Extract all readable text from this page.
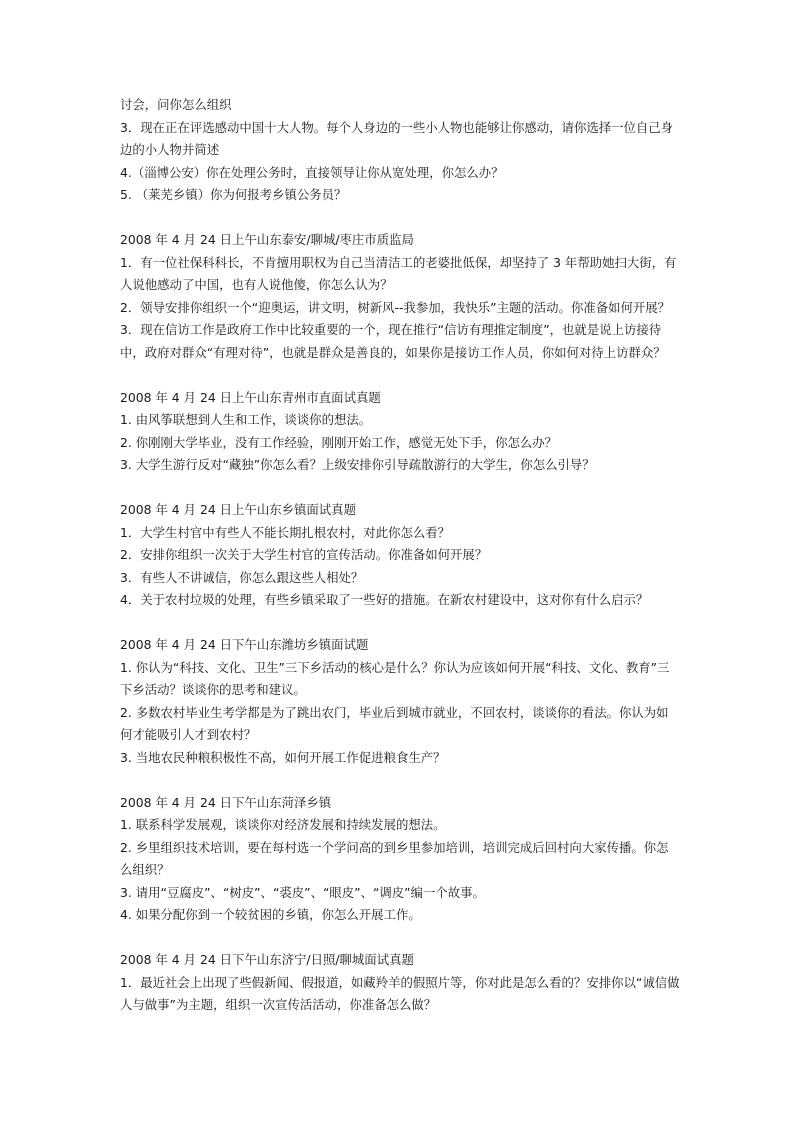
讨会，问你怎么组织

3．现在正在评选感动中国十大人物。每个人身边的一些小人物也能够让你感动，请你选择一位自己身边的小人物并简述

4.（淄博公安）你在处理公务时，直接领导让你从宽处理，你怎么办？

5. （莱芜乡镇）你为何报考乡镇公务员？

2008 年 4 月 24 日上午山东泰安/聊城/枣庄市质监局

1．有一位社保科科长，不肯擅用职权为自己当清洁工的老婆批低保，却坚持了 3 年帮助她扫大街，有人说他感动了中国，也有人说他傻，你怎么认为？

2．领导安排你组织一个“迎奥运，讲文明，树新风--我参加，我快乐”主题的活动。你准备如何开展？

3．现在信访工作是政府工作中比较重要的一个，现在推行“信访有理推定制度”，也就是说上访接待中，政府对群众“有理对待”，也就是群众是善良的，如果你是接访工作人员，你如何对待上访群众？

2008 年 4 月 24 日上午山东青州市直面试真题

1. 由风筝联想到人生和工作，谈谈你的想法。

2. 你刚刚大学毕业，没有工作经验，刚刚开始工作，感觉无处下手，你怎么办？

3. 大学生游行反对“藏独”你怎么看？上级安排你引导疏散游行的大学生，你怎么引导？

2008 年 4 月 24 日上午山东乡镇面试真题

1．大学生村官中有些人不能长期扎根农村，对此你怎么看？

2．安排你组织一次关于大学生村官的宣传活动。你准备如何开展？

3．有些人不讲诚信，你怎么跟这些人相处？

4．关于农村垃圾的处理，有些乡镇采取了一些好的措施。在新农村建设中，这对你有什么启示？

2008 年 4 月 24 日下午山东潍坊乡镇面试题

1. 你认为“科技、文化、卫生”三下乡活动的核心是什么？你认为应该如何开展“科技、文化、教育”三下乡活动？谈谈你的思考和建议。

2. 多数农村毕业生考学都是为了跳出农门，毕业后到城市就业，不回农村，谈谈你的看法。你认为如何才能吸引人才到农村？

3. 当地农民种粮积极性不高，如何开展工作促进粮食生产？

2008 年 4 月 24 日下午山东菏泽乡镇

1. 联系科学发展观，谈谈你对经济发展和持续发展的想法。

2. 乡里组织技术培训，要在每村选一个学问高的到乡里参加培训，培训完成后回村向大家传播。你怎么组织？

3. 请用“豆腐皮”、“树皮”、“裘皮”、“眼皮”、“调皮”编一个故事。

4. 如果分配你到一个较贫困的乡镇，你怎么开展工作。

2008 年 4 月 24 日下午山东济宁/日照/聊城面试真题

1．最近社会上出现了些假新闻、假报道，如藏羚羊的假照片等，你对此是怎么看的？安排你以“诚信做人与做事”为主题，组织一次宣传活活动，你准备怎么做？
